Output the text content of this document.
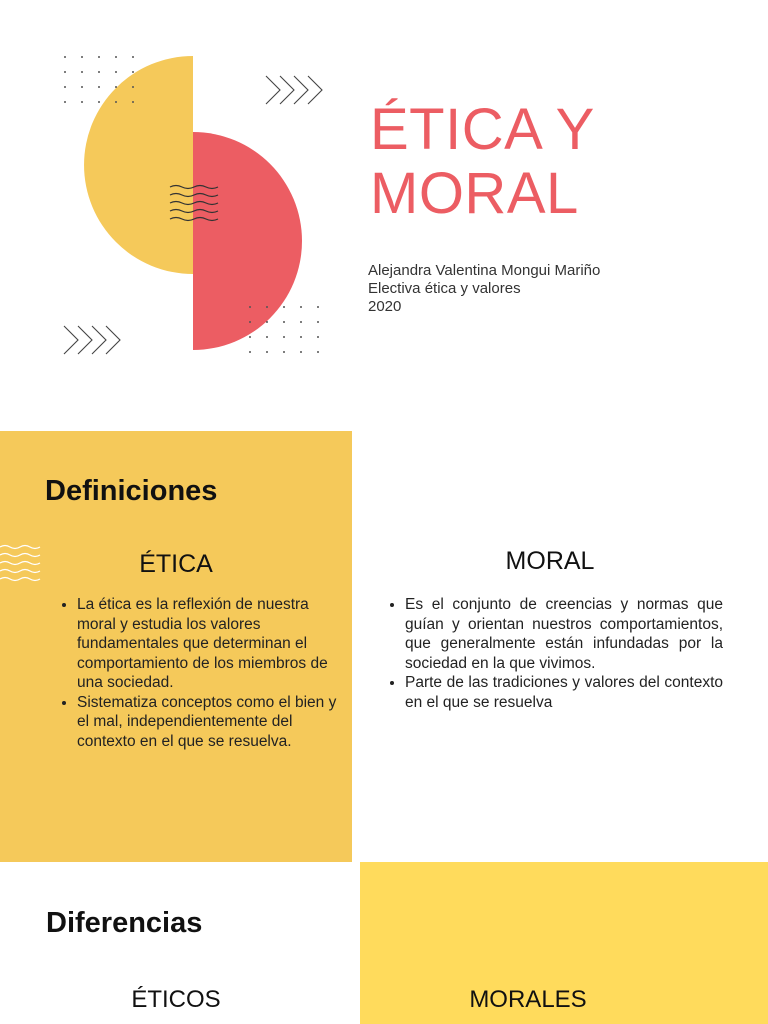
ÉTICA Y
MORAL
Alejandra Valentina Mongui Mariño
Electiva ética y valores
2020
Definiciones
ÉTICA
• La ética es la reflexión de nuestra moral y estudia los valores fundamentales que determinan el comportamiento de los miembros de una sociedad.
• Sistematiza conceptos como el bien y el mal, independientemente del contexto en el que se resuelva.
MORAL
• Es el conjunto de creencias y normas que guían y orientan nuestros comportamientos, que generalmente están infundadas por la sociedad en la que vivimos.
• Parte de las tradiciones y valores del contexto en el que se resuelva
Diferencias
ÉTICOS	MORALES
